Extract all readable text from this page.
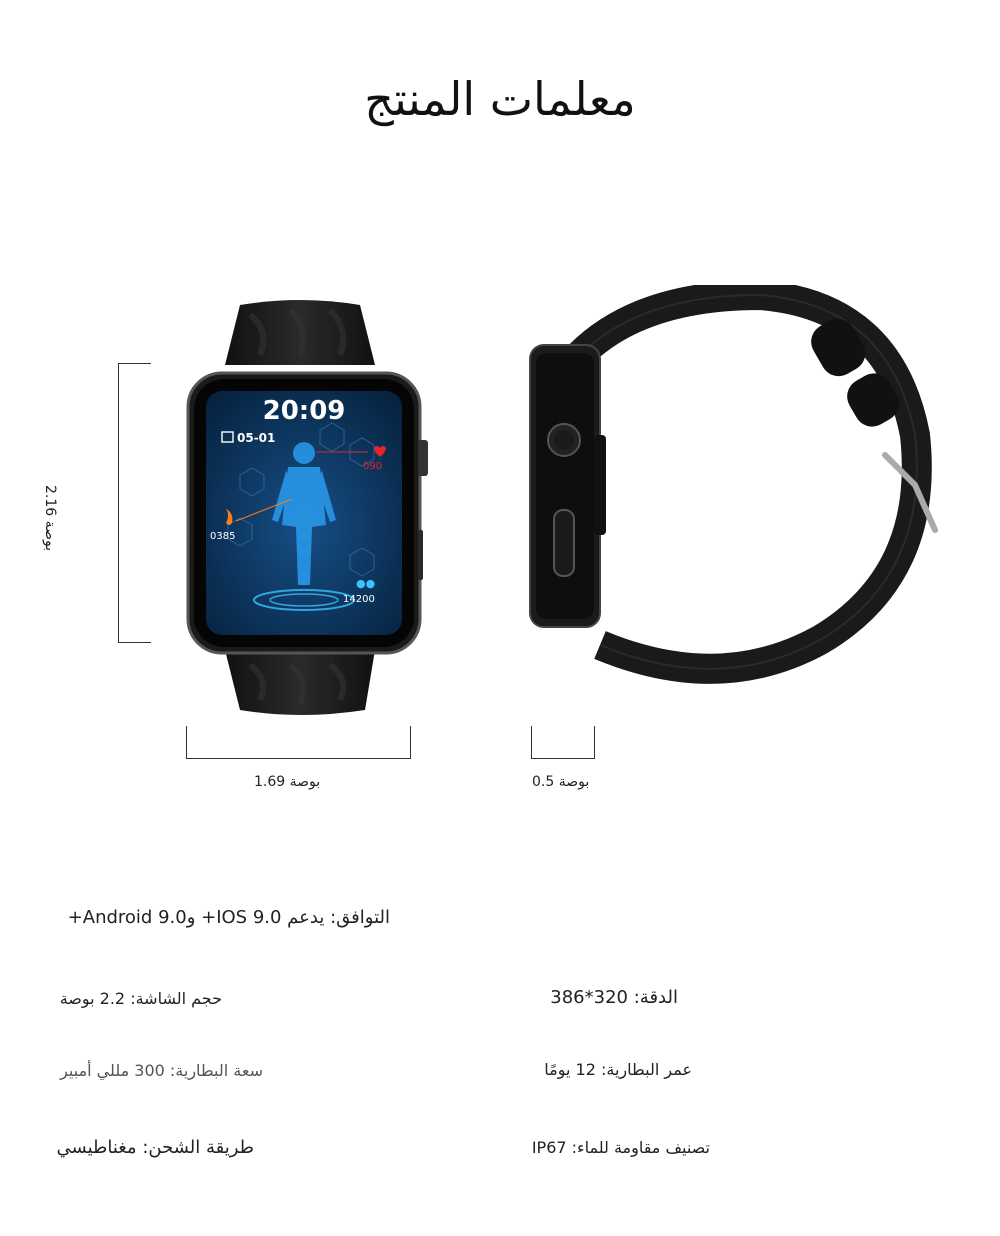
معلمات المنتج
20:09
05-01
090
0385
●●
14200
2.16 بوصة
1.69 بوصة	0.5 بوصة
التوافق: يدعم IOS 9.0+ وAndroid 9.0+
الدقة: 320*386
حجم الشاشة: 2.2 بوصة
عمر البطارية: 12 يومًا
سعة البطارية: 300 مللي أمبير
تصنيف مقاومة للماء: IP67
طريقة الشحن: مغناطيسي
